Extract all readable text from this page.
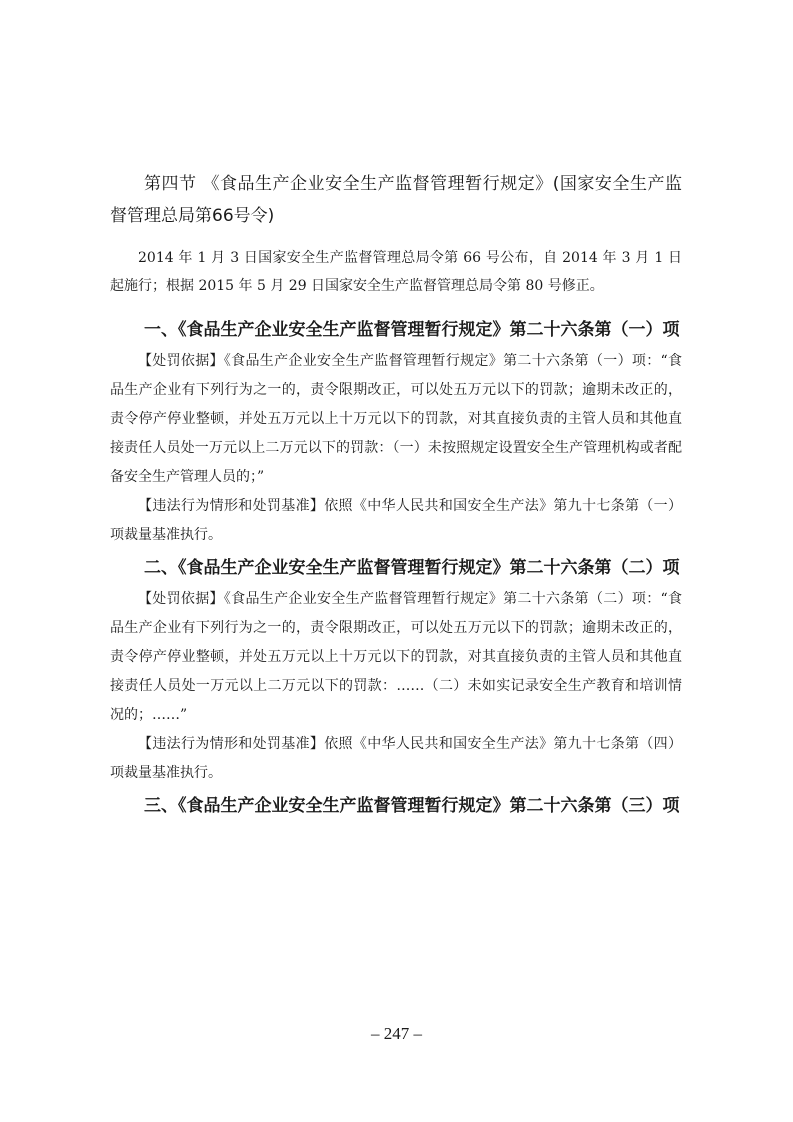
第四节 《食品生产企业安全生产监督管理暂行规定》(国家安全生产监督管理总局第66号令)

2014 年 1 月 3 日国家安全生产监督管理总局令第 66 号公布，自 2014 年 3 月 1 日起施行；根据 2015 年 5 月 29 日国家安全生产监督管理总局令第 80 号修正。

一、《食品生产企业安全生产监督管理暂行规定》第二十六条第（一）项

【处罚依据】《食品生产企业安全生产监督管理暂行规定》第二十六条第（一）项：“食品生产企业有下列行为之一的，责令限期改正，可以处五万元以下的罚款；逾期未改正的，责令停产停业整顿，并处五万元以上十万元以下的罚款，对其直接负责的主管人员和其他直接责任人员处一万元以上二万元以下的罚款：（一）未按照规定设置安全生产管理机构或者配备安全生产管理人员的；”

【违法行为情形和处罚基准】依照《中华人民共和国安全生产法》第九十七条第（一）项裁量基准执行。

二、《食品生产企业安全生产监督管理暂行规定》第二十六条第（二）项

【处罚依据】《食品生产企业安全生产监督管理暂行规定》第二十六条第（二）项：“食品生产企业有下列行为之一的，责令限期改正，可以处五万元以下的罚款；逾期未改正的，责令停产停业整顿，并处五万元以上十万元以下的罚款，对其直接负责的主管人员和其他直接责任人员处一万元以上二万元以下的罚款：……（二）未如实记录安全生产教育和培训情况的；……”

【违法行为情形和处罚基准】依照《中华人民共和国安全生产法》第九十七条第（四）项裁量基准执行。

三、《食品生产企业安全生产监督管理暂行规定》第二十六条第（三）项

– 247 –
